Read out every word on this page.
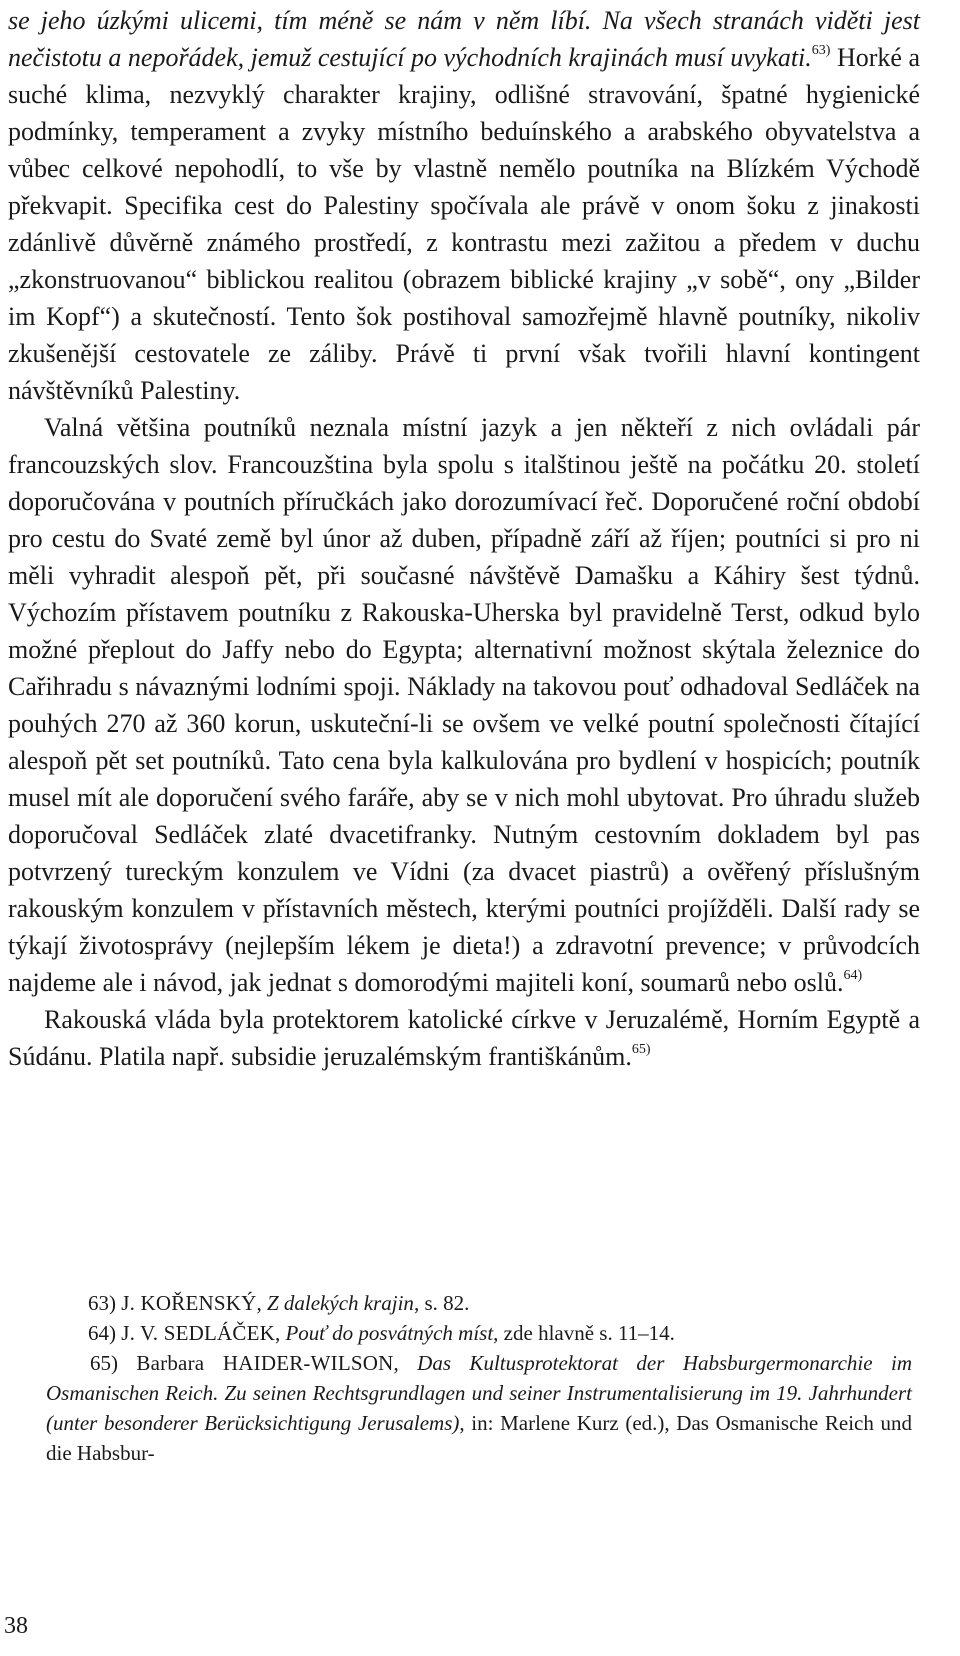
se jeho úzkými ulicemi, tím méně se nám v něm líbí. Na všech stranách viděti jest nečistotu a nepořádek, jemuž cestující po východních krajinách musí uvykati.$^{63)}$ Horké a suché klima, nezvyklý charakter krajiny, odlišné stravování, špatné hygienické podmínky, temperament a zvyky místního beduínského a arabského obyvatelstva a vůbec celkové nepohodlí, to vše by vlastně nemělo poutníka na Blízkém Východě překvapit. Specifika cest do Palestiny spočívala ale právě v onom šoku z jinakosti zdánlivě důvěrně známého prostředí, z kontrastu mezi zažitou a předem v duchu „zkonstruovanou“ biblickou realitou (obrazem biblické krajiny „v sobě“, ony „Bilder im Kopf“) a skutečností. Tento šok postihoval samozřejmě hlavně poutníky, nikoliv zkušenější cestovatele ze záliby. Právě ti první však tvořili hlavní kontingent návštěvníků Palestiny.

Valná většina poutníků neznala místní jazyk a jen někteří z nich ovládali pár francouzských slov. Francouzština byla spolu s italštinou ještě na počátku 20. století doporučována v poutních příručkách jako dorozumívací řeč. Doporučené roční období pro cestu do Svaté země byl únor až duben, případně září až říjen; poutníci si pro ni měli vyhradit alespoň pět, při současné návštěvě Damašku a Káhiry šest týdnů. Výchozím přístavem poutníku z Rakouska-Uherska byl pravidelně Terst, odkud bylo možné přeplout do Jaffy nebo do Egypta; alternativní možnost skýtala železnice do Cařihradu s návaznými lodními spoji. Náklady na takovou pouť odhadoval Sedláček na pouhých 270 až 360 korun, uskuteční-li se ovšem ve velké poutní společnosti čítající alespoň pět set poutníků. Tato cena byla kalkulována pro bydlení v hospicích; poutník musel mít ale doporučení svého faráře, aby se v nich mohl ubytovat. Pro úhradu služeb doporučoval Sedláček zlaté dvacetifranky. Nutným cestovním dokladem byl pas potvrzený tureckým konzulem ve Vídni (za dvacet piastrů) a ověřený příslušným rakouským konzulem v přístavních městech, kterými poutníci projížděli. Další rady se týkají životosprávy (nejlepším lékem je dieta!) a zdravotní prevence; v průvodcích najdeme ale i návod, jak jednat s domorodými majiteli koní, soumarů nebo oslů.$^{64)}$

Rakouská vláda byla protektorem katolické církve v Jeruzalémě, Horním Egyptě a Súdánu. Platila např. subsidie jeruzalémským františkánům.$^{65)}$

63) J. KOŘENSKÝ, Z dalekých krajin, s. 82.

64) J. V. SEDLÁČEK, Pouť do posvátných míst, zde hlavně s. 11–14.

65) Barbara HAIDER-WILSON, Das Kultusprotektorat der Habsburgermonarchie im Osmanischen Reich. Zu seinen Rechtsgrundlagen und seiner Instrumentalisierung im 19. Jahrhundert (unter besonderer Berücksichtigung Jerusalems), in: Marlene Kurz (ed.), Das Osmanische Reich und die Habsbur-

38
